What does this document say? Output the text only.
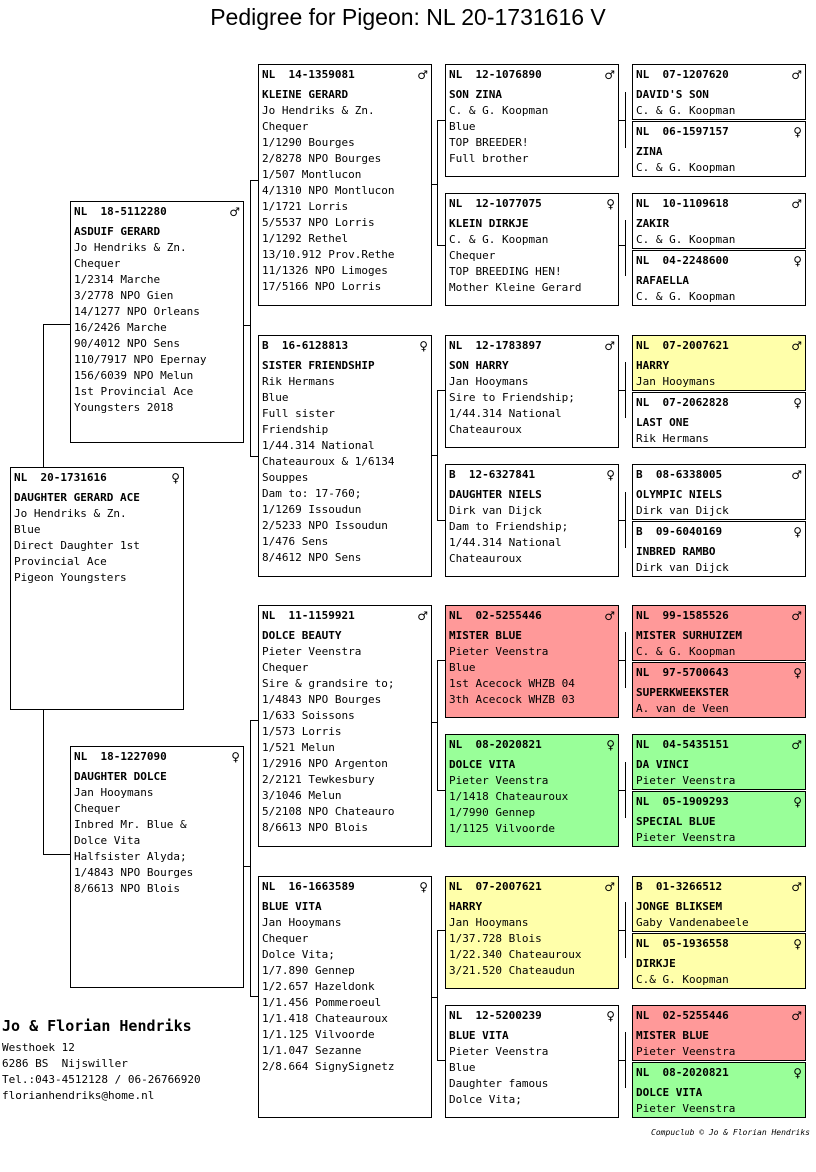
Pedigree for Pigeon: NL 20-1731616 V
NL  20-1731616	♀
DAUGHTER GERARD ACE
Jo Hendriks & Zn.
Blue
Direct Daughter 1st
Provincial Ace
Pigeon Youngsters
NL  18-5112280	♂
ASDUIF GERARD
Jo Hendriks & Zn.
Chequer
1/2314 Marche
3/2778 NPO Gien
14/1277 NPO Orleans
16/2426 Marche
90/4012 NPO Sens
110/7917 NPO Epernay
156/6039 NPO Melun
1st Provincial Ace
Youngsters 2018
NL  18-1227090	♀
DAUGHTER DOLCE
Jan Hooymans
Chequer
Inbred Mr. Blue &
Dolce Vita
Halfsister Alyda;
1/4843 NPO Bourges
8/6613 NPO Blois
NL  14-1359081	♂
KLEINE GERARD
Jo Hendriks & Zn.
Chequer
1/1290 Bourges
2/8278 NPO Bourges
1/507 Montlucon
4/1310 NPO Montlucon
1/1721 Lorris
5/5537 NPO Lorris
1/1292 Rethel
13/10.912 Prov.Rethe
11/1326 NPO Limoges
17/5166 NPO Lorris
B  16-6128813	♀
SISTER FRIENDSHIP
Rik Hermans
Blue
Full sister
Friendship
1/44.314 National
Chateauroux & 1/6134
Souppes
Dam to: 17-760;
1/1269 Issoudun
2/5233 NPO Issoudun
1/476 Sens
8/4612 NPO Sens
NL  11-1159921	♂
DOLCE BEAUTY
Pieter Veenstra
Chequer
Sire & grandsire to;
1/4843 NPO Bourges
1/633 Soissons
1/573 Lorris
1/521 Melun
1/2916 NPO Argenton
2/2121 Tewkesbury
3/1046 Melun
5/2108 NPO Chateauro
8/6613 NPO Blois
NL  16-1663589	♀
BLUE VITA
Jan Hooymans
Chequer
Dolce Vita;
1/7.890 Gennep
1/2.657 Hazeldonk
1/1.456 Pommeroeul
1/1.418 Chateauroux
1/1.125 Vilvoorde
1/1.047 Sezanne
2/8.664 SignySignetz
NL  12-1076890	♂
SON ZINA
C. & G. Koopman
Blue
TOP BREEDER!
Full brother
NL  12-1077075	♀
KLEIN DIRKJE
C. & G. Koopman
Chequer
TOP BREEDING HEN!
Mother Kleine Gerard
NL  12-1783897	♂
SON HARRY
Jan Hooymans
Sire to Friendship;
1/44.314 National
Chateauroux
B  12-6327841	♀
DAUGHTER NIELS
Dirk van Dijck
Dam to Friendship;
1/44.314 National
Chateauroux
NL  02-5255446	♂
MISTER BLUE
Pieter Veenstra
Blue
1st Acecock WHZB 04
3th Acecock WHZB 03
NL  08-2020821	♀
DOLCE VITA
Pieter Veenstra
1/1418 Chateauroux
1/7990 Gennep
1/1125 Vilvoorde
NL  07-2007621	♂
HARRY
Jan Hooymans
1/37.728 Blois
1/22.340 Chateauroux
3/21.520 Chateaudun
NL  12-5200239	♀
BLUE VITA
Pieter Veenstra
Blue
Daughter famous
Dolce Vita;
NL  07-1207620	♂
DAVID'S SON
C. & G. Koopman
NL  06-1597157	♀
ZINA
C. & G. Koopman
NL  10-1109618	♂
ZAKIR
C. & G. Koopman
NL  04-2248600	♀
RAFAELLA
C. & G. Koopman
NL  07-2007621	♂
HARRY
Jan Hooymans
NL  07-2062828	♀
LAST ONE
Rik Hermans
B  08-6338005	♂
OLYMPIC NIELS
Dirk van Dijck
B  09-6040169	♀
INBRED RAMBO
Dirk van Dijck
NL  99-1585526	♂
MISTER SURHUIZEM
C. & G. Koopman
NL  97-5700643	♀
SUPERKWEEKSTER
A. van de Veen
NL  04-5435151	♂
DA VINCI
Pieter Veenstra
NL  05-1909293	♀
SPECIAL BLUE
Pieter Veenstra
B  01-3266512	♂
JONGE BLIKSEM
Gaby Vandenabeele
NL  05-1936558	♀
DIRKJE
C.& G. Koopman
NL  02-5255446	♂
MISTER BLUE
Pieter Veenstra
NL  08-2020821	♀
DOLCE VITA
Pieter Veenstra
Jo & Florian Hendriks
Westhoek 12
6286 BS  Nijswiller
Tel.:043-4512128 / 06-26766920
florianhendriks@home.nl
Compuclub © Jo & Florian Hendriks
